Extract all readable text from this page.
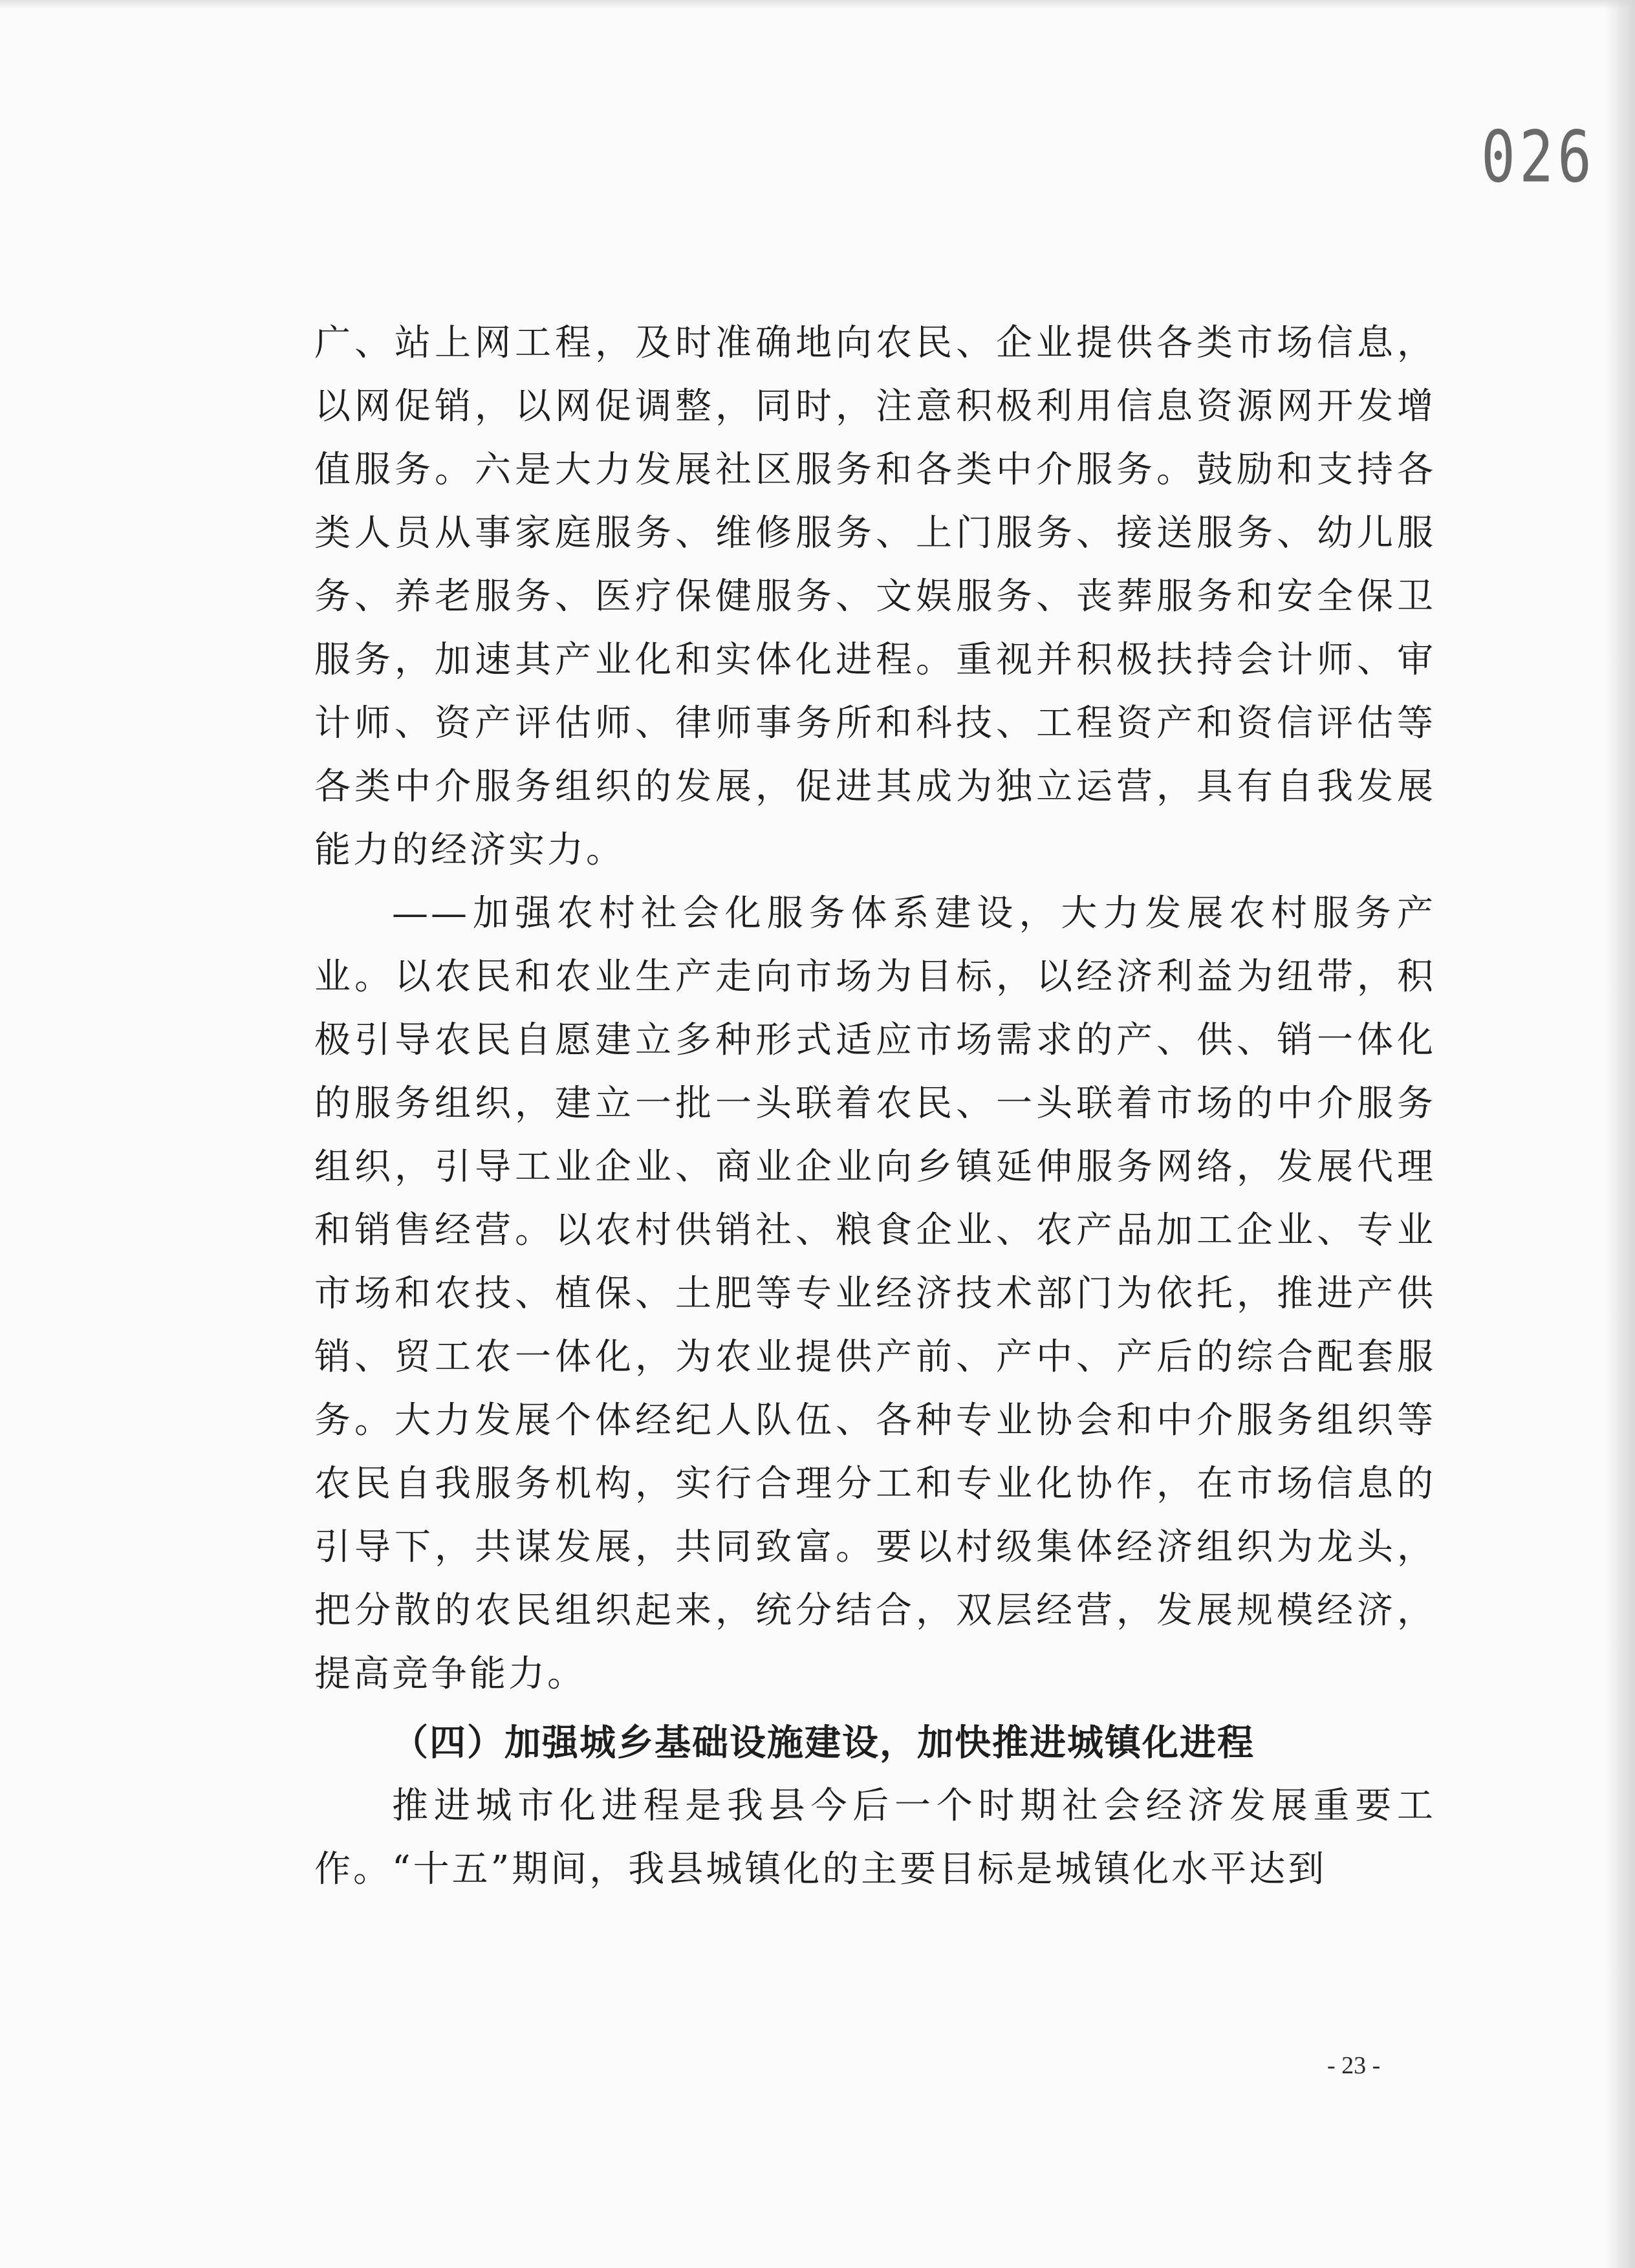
026

广、站上网工程，及时准确地向农民、企业提供各类市场信息，以网促销，以网促调整，同时，注意积极利用信息资源网开发增值服务。六是大力发展社区服务和各类中介服务。鼓励和支持各类人员从事家庭服务、维修服务、上门服务、接送服务、幼儿服务、养老服务、医疗保健服务、文娱服务、丧葬服务和安全保卫服务，加速其产业化和实体化进程。重视并积极扶持会计师、审计师、资产评估师、律师事务所和科技、工程资产和资信评估等各类中介服务组织的发展，促进其成为独立运营，具有自我发展能力的经济实力。

——加强农村社会化服务体系建设，大力发展农村服务产业。以农民和农业生产走向市场为目标，以经济利益为纽带，积极引导农民自愿建立多种形式适应市场需求的产、供、销一体化的服务组织，建立一批一头联着农民、一头联着市场的中介服务组织，引导工业企业、商业企业向乡镇延伸服务网络，发展代理和销售经营。以农村供销社、粮食企业、农产品加工企业、专业市场和农技、植保、土肥等专业经济技术部门为依托，推进产供销、贸工农一体化，为农业提供产前、产中、产后的综合配套服务。大力发展个体经纪人队伍、各种专业协会和中介服务组织等农民自我服务机构，实行合理分工和专业化协作，在市场信息的引导下，共谋发展，共同致富。要以村级集体经济组织为龙头，把分散的农民组织起来，统分结合，双层经营，发展规模经济，提高竞争能力。

（四）加强城乡基础设施建设，加快推进城镇化进程

推进城市化进程是我县今后一个时期社会经济发展重要工作。“十五”期间，我县城镇化的主要目标是城镇化水平达到

- 23 -
